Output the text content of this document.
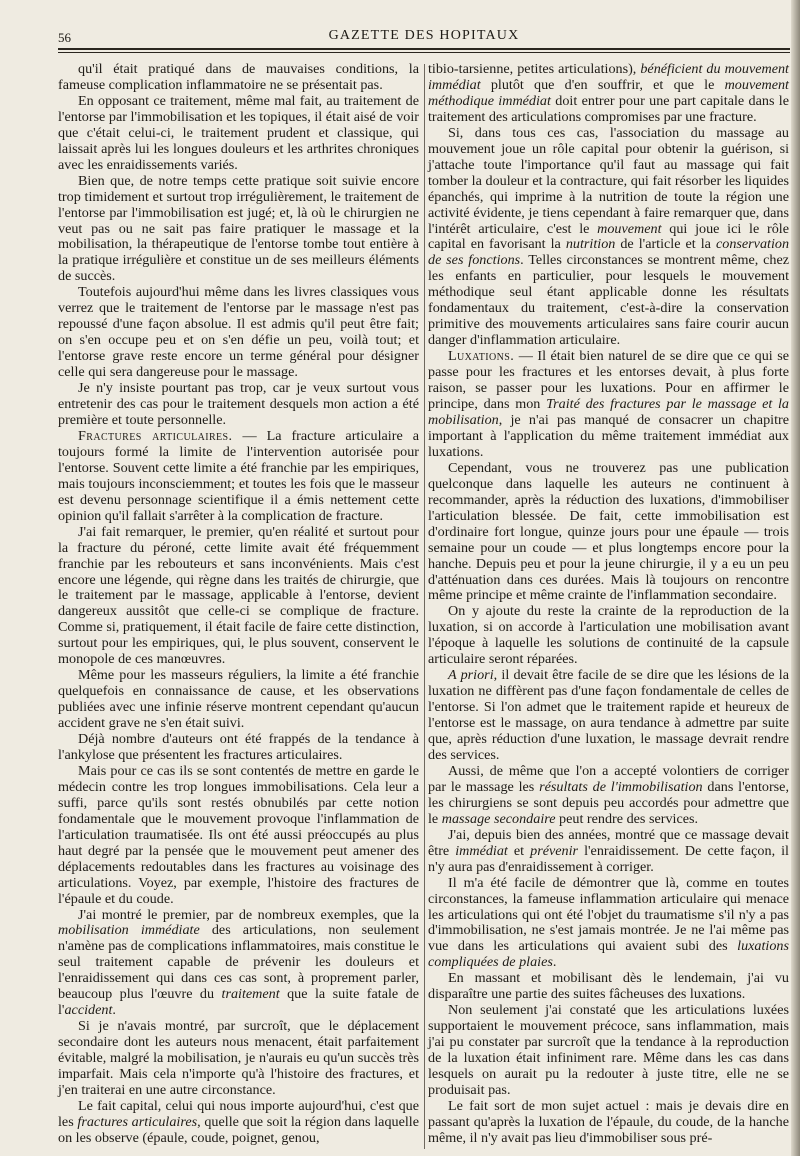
56	GAZETTE DES HOPITAUX

qu'il était pratiqué dans de mauvaises conditions, la fameuse complication inflammatoire ne se présentait pas.

En opposant ce traitement, même mal fait, au traitement de l'entorse par l'immobilisation et les topiques, il était aisé de voir que c'était celui-ci, le traitement prudent et classique, qui laissait après lui les longues douleurs et les arthrites chroniques avec les enraidissements variés.

Bien que, de notre temps cette pratique soit suivie encore trop timidement et surtout trop irrégulièrement, le traitement de l'entorse par l'immobilisation est jugé; et, là où le chirurgien ne veut pas ou ne sait pas faire pratiquer le massage et la mobilisation, la thérapeutique de l'entorse tombe tout entière à la pratique irrégulière et constitue un de ses meilleurs éléments de succès.

Toutefois aujourd'hui même dans les livres classiques vous verrez que le traitement de l'entorse par le massage n'est pas repoussé d'une façon absolue. Il est admis qu'il peut être fait; on s'en occupe peu et on s'en défie un peu, voilà tout; et l'entorse grave reste encore un terme général pour désigner celle qui sera dangereuse pour le massage.

Je n'y insiste pourtant pas trop, car je veux surtout vous entretenir des cas pour le traitement desquels mon action a été première et toute personnelle.

Fractures articulaires. — La fracture articulaire a toujours formé la limite de l'intervention autorisée pour l'entorse. Souvent cette limite a été franchie par les empiriques, mais toujours inconsciemment; et toutes les fois que le masseur est devenu personnage scientifique il a émis nettement cette opinion qu'il fallait s'arrêter à la complication de fracture.

J'ai fait remarquer, le premier, qu'en réalité et surtout pour la fracture du péroné, cette limite avait été fréquemment franchie par les rebouteurs et sans inconvénients. Mais c'est encore une légende, qui règne dans les traités de chirurgie, que le traitement par le massage, applicable à l'entorse, devient dangereux aussitôt que celle-ci se complique de fracture. Comme si, pratiquement, il était facile de faire cette distinction, surtout pour les empiriques, qui, le plus souvent, conservent le monopole de ces manœuvres.

Même pour les masseurs réguliers, la limite a été franchie quelquefois en connaissance de cause, et les observations publiées avec une infinie réserve montrent cependant qu'aucun accident grave ne s'en était suivi.

Déjà nombre d'auteurs ont été frappés de la tendance à l'ankylose que présentent les fractures articulaires.

Mais pour ce cas ils se sont contentés de mettre en garde le médecin contre les trop longues immobilisations. Cela leur a suffi, parce qu'ils sont restés obnubilés par cette notion fondamentale que le mouvement provoque l'inflammation de l'articulation traumatisée. Ils ont été aussi préoccupés au plus haut degré par la pensée que le mouvement peut amener des déplacements redoutables dans les fractures au voisinage des articulations. Voyez, par exemple, l'histoire des fractures de l'épaule et du coude.

J'ai montré le premier, par de nombreux exemples, que la mobilisation immédiate des articulations, non seulement n'amène pas de complications inflammatoires, mais constitue le seul traitement capable de prévenir les douleurs et l'enraidissement qui dans ces cas sont, à proprement parler, beaucoup plus l'œuvre du traitement que la suite fatale de l'accident.

Si je n'avais montré, par surcroît, que le déplacement secondaire dont les auteurs nous menacent, était parfaitement évitable, malgré la mobilisation, je n'aurais eu qu'un succès très imparfait. Mais cela n'importe qu'à l'histoire des fractures, et j'en traiterai en une autre circonstance.

Le fait capital, celui qui nous importe aujourd'hui, c'est que les fractures articulaires, quelle que soit la région dans laquelle on les observe (épaule, coude, poignet, genou,

tibio-tarsienne, petites articulations), bénéficient du mouvement immédiat plutôt que d'en souffrir, et que le mouvement méthodique immédiat doit entrer pour une part capitale dans le traitement des articulations compromises par une fracture.

Si, dans tous ces cas, l'association du massage au mouvement joue un rôle capital pour obtenir la guérison, si j'attache toute l'importance qu'il faut au massage qui fait tomber la douleur et la contracture, qui fait résorber les liquides épanchés, qui imprime à la nutrition de toute la région une activité évidente, je tiens cependant à faire remarquer que, dans l'intérêt articulaire, c'est le mouvement qui joue ici le rôle capital en favorisant la nutrition de l'article et la conservation de ses fonctions. Telles circonstances se montrent même, chez les enfants en particulier, pour lesquels le mouvement méthodique seul étant applicable donne les résultats fondamentaux du traitement, c'est-à-dire la conservation primitive des mouvements articulaires sans faire courir aucun danger d'inflammation articulaire.

Luxations. — Il était bien naturel de se dire que ce qui se passe pour les fractures et les entorses devait, à plus forte raison, se passer pour les luxations. Pour en affirmer le principe, dans mon Traité des fractures par le massage et la mobilisation, je n'ai pas manqué de consacrer un chapitre important à l'application du même traitement immédiat aux luxations.

Cependant, vous ne trouverez pas une publication quelconque dans laquelle les auteurs ne continuent à recommander, après la réduction des luxations, d'immobiliser l'articulation blessée. De fait, cette immobilisation est d'ordinaire fort longue, quinze jours pour une épaule — trois semaine pour un coude — et plus longtemps encore pour la hanche. Depuis peu et pour la jeune chirurgie, il y a eu un peu d'atténuation dans ces durées. Mais là toujours on rencontre même principe et même crainte de l'inflammation secondaire.

On y ajoute du reste la crainte de la reproduction de la luxation, si on accorde à l'articulation une mobilisation avant l'époque à laquelle les solutions de continuité de la capsule articulaire seront réparées.

A priori, il devait être facile de se dire que les lésions de la luxation ne diffèrent pas d'une façon fondamentale de celles de l'entorse. Si l'on admet que le traitement rapide et heureux de l'entorse est le massage, on aura tendance à admettre par suite que, après réduction d'une luxation, le massage devrait rendre des services.

Aussi, de même que l'on a accepté volontiers de corriger par le massage les résultats de l'immobilisation dans l'entorse, les chirurgiens se sont depuis peu accordés pour admettre que le massage secondaire peut rendre des services.

J'ai, depuis bien des années, montré que ce massage devait être immédiat et prévenir l'enraidissement. De cette façon, il n'y aura pas d'enraidissement à corriger.

Il m'a été facile de démontrer que là, comme en toutes circonstances, la fameuse inflammation articulaire qui menace les articulations qui ont été l'objet du traumatisme s'il n'y a pas d'immobilisation, ne s'est jamais montrée. Je ne l'ai même pas vue dans les articulations qui avaient subi des luxations compliquées de plaies.

En massant et mobilisant dès le lendemain, j'ai vu disparaître une partie des suites fâcheuses des luxations.

Non seulement j'ai constaté que les articulations luxées supportaient le mouvement précoce, sans inflammation, mais j'ai pu constater par surcroît que la tendance à la reproduction de la luxation était infiniment rare. Même dans les cas dans lesquels on aurait pu la redouter à juste titre, elle ne se produisait pas.

Le fait sort de mon sujet actuel : mais je devais dire en passant qu'après la luxation de l'épaule, du coude, de la hanche même, il n'y avait pas lieu d'immobiliser sous pré-
